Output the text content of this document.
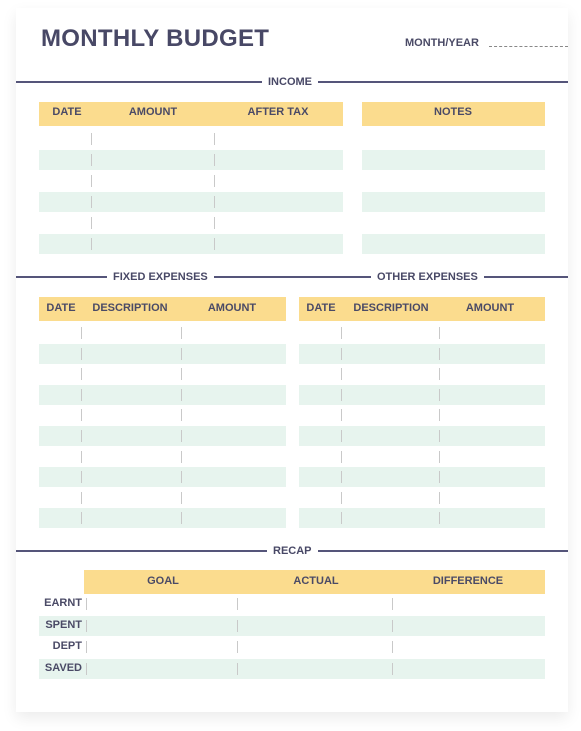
MONTHLY BUDGET	MONTH/YEAR
INCOME
DATE	AMOUNT	AFTER TAX	NOTES
FIXED EXPENSES	OTHER EXPENSES
DATE DESCRIPTION	AMOUNT	DATE DESCRIPTION	AMOUNT
RECAP
GOAL	ACTUAL	DIFFERENCE
EARNT
SPENT
DEPT
SAVED
